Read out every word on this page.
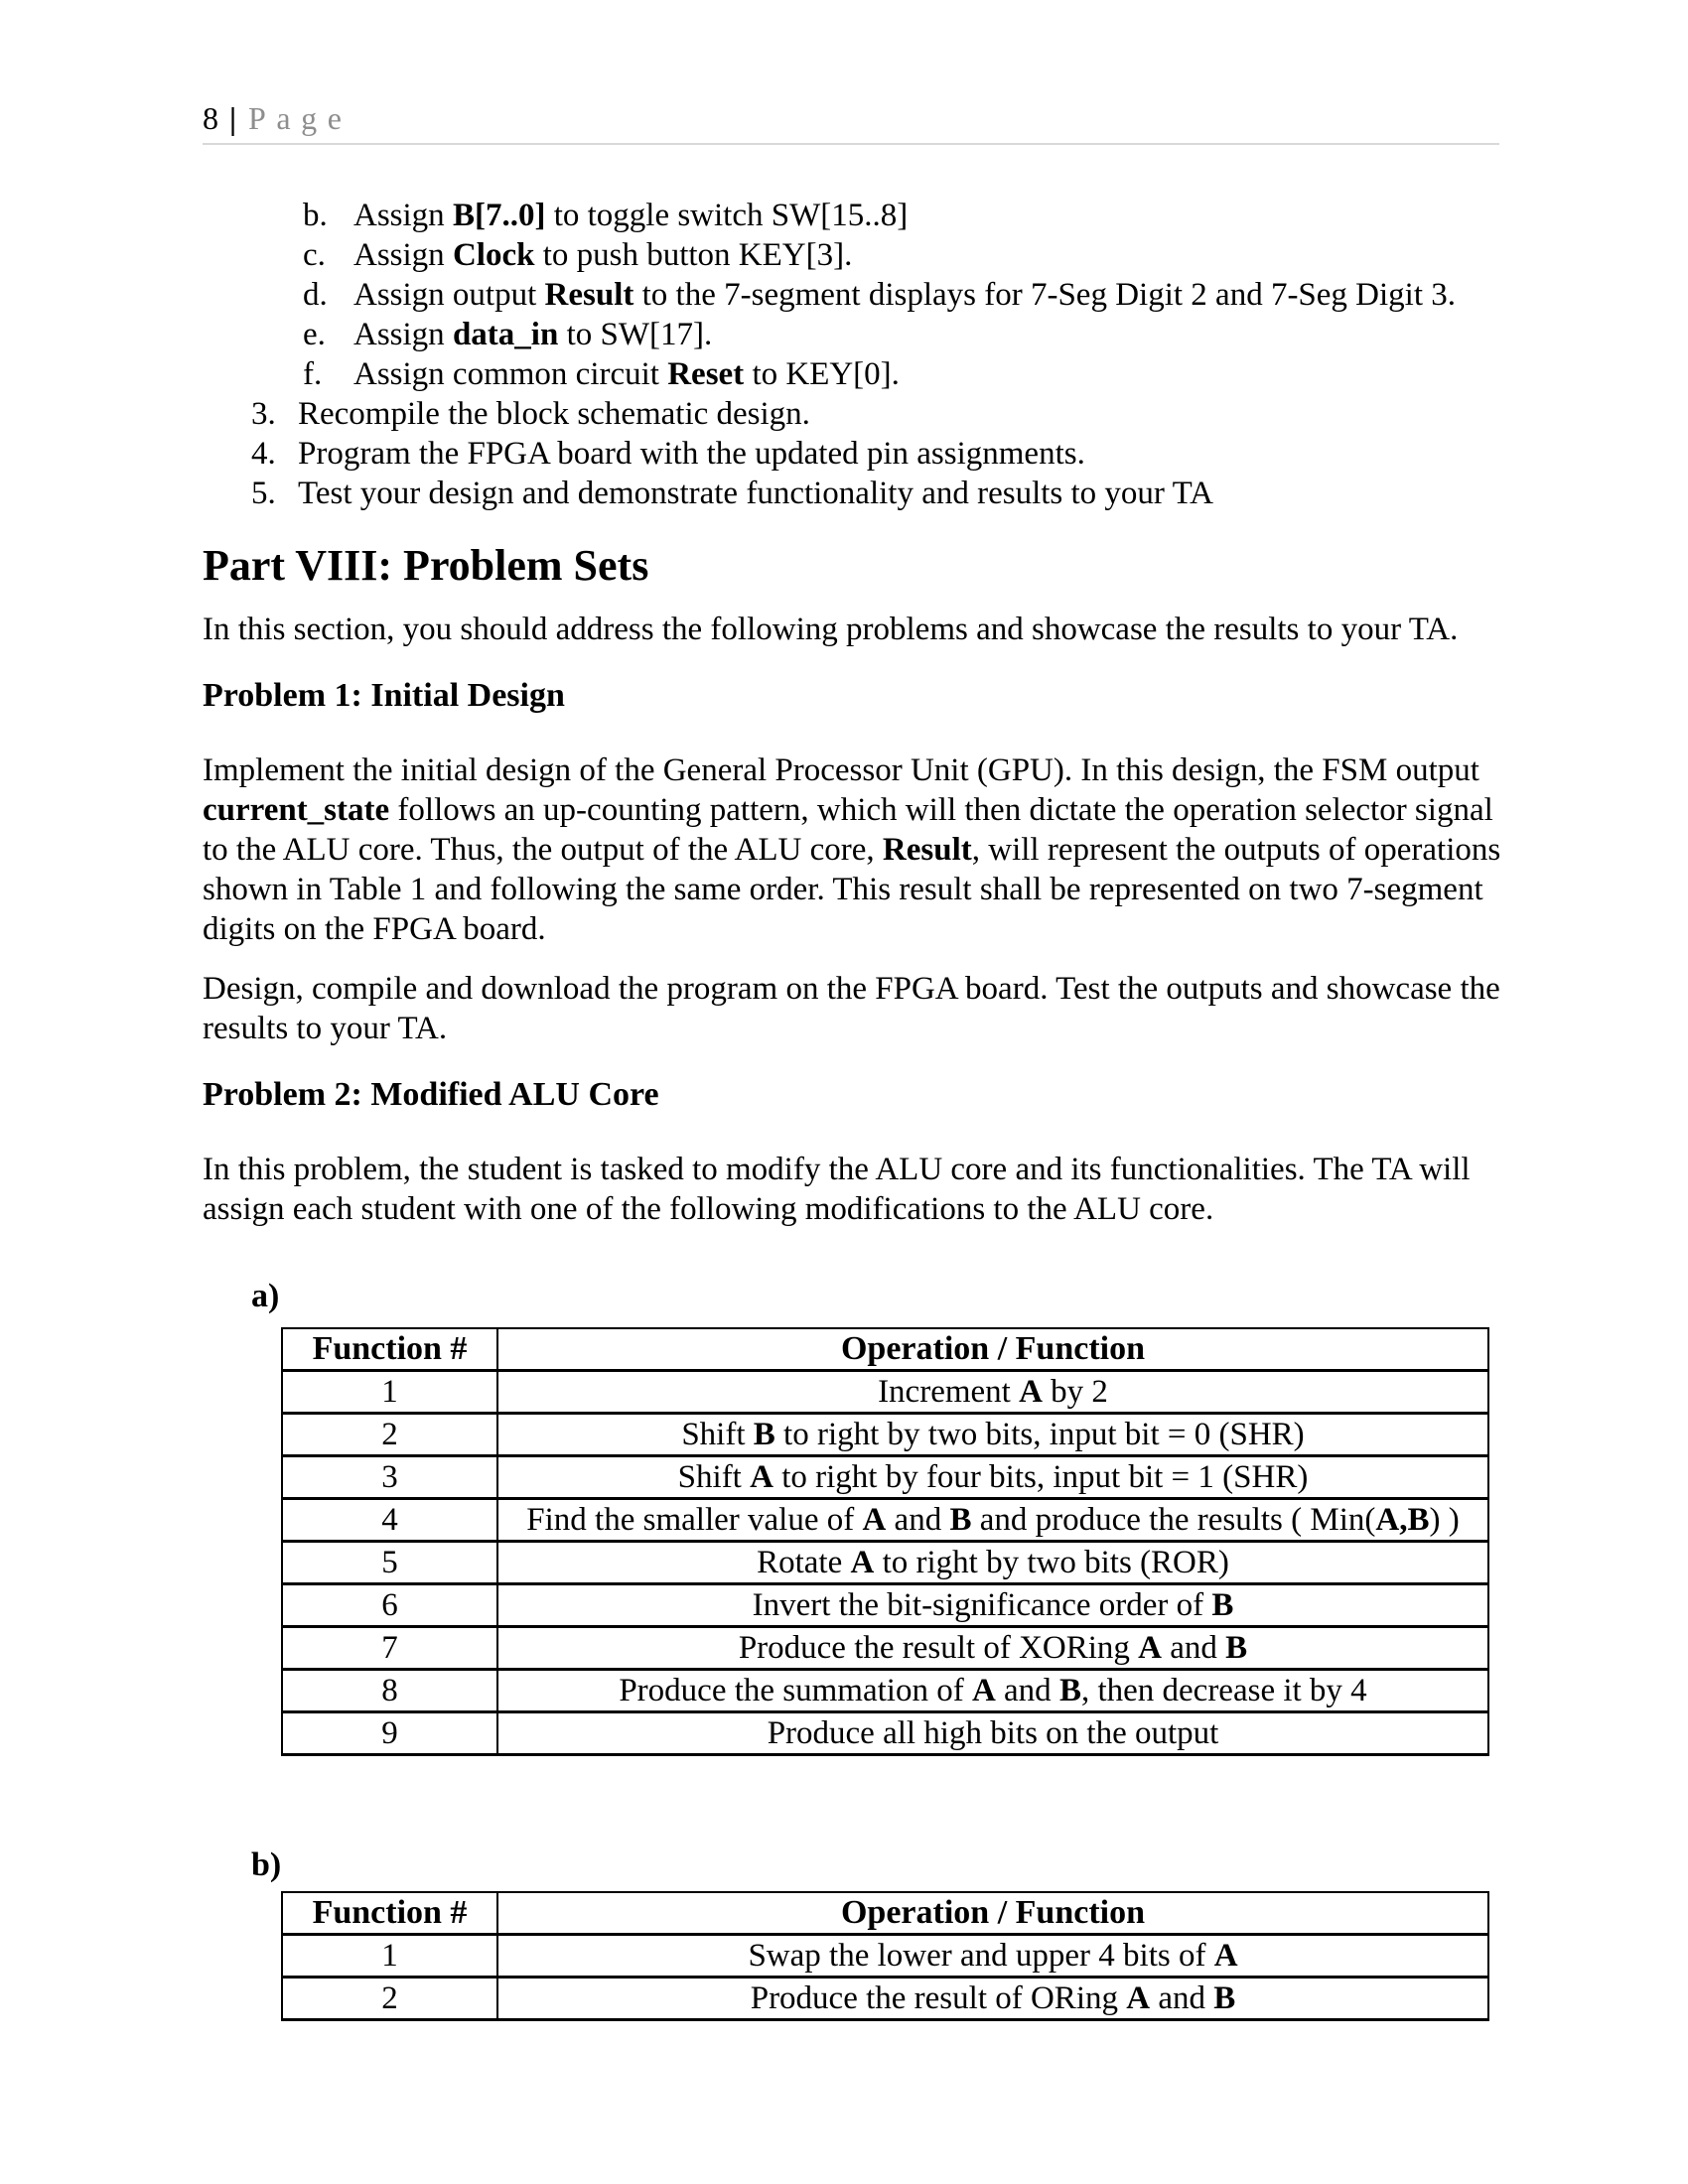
8 | Page
b. Assign B[7..0] to toggle switch SW[15..8]
c. Assign Clock to push button KEY[3].
d. Assign output Result to the 7-segment displays for 7-Seg Digit 2 and 7-Seg Digit 3.
e. Assign data_in to SW[17].
f. Assign common circuit Reset to KEY[0].
3. Recompile the block schematic design.
4. Program the FPGA board with the updated pin assignments.
5. Test your design and demonstrate functionality and results to your TA
Part VIII: Problem Sets

In this section, you should address the following problems and showcase the results to your TA.

Problem 1: Initial Design

Implement the initial design of the General Processor Unit (GPU). In this design, the FSM output current_state follows an up-counting pattern, which will then dictate the operation selector signal to the ALU core. Thus, the output of the ALU core, Result, will represent the outputs of operations shown in Table 1 and following the same order. This result shall be represented on two 7-segment digits on the FPGA board.

Design, compile and download the program on the FPGA board. Test the outputs and showcase the results to your TA.

Problem 2: Modified ALU Core

In this problem, the student is tasked to modify the ALU core and its functionalities. The TA will assign each student with one of the following modifications to the ALU core.

a)
Function #	Operation / Function
1	Increment A by 2
2	Shift B to right by two bits, input bit = 0 (SHR)
3	Shift A to right by four bits, input bit = 1 (SHR)
4	Find the smaller value of A and B and produce the results ( Min(A,B) )
5	Rotate A to right by two bits (ROR)
6	Invert the bit-significance order of B
7	Produce the result of XORing A and B
8	Produce the summation of A and B, then decrease it by 4
9	Produce all high bits on the output
b)
Function #	Operation / Function
1	Swap the lower and upper 4 bits of A
2	Produce the result of ORing A and B
